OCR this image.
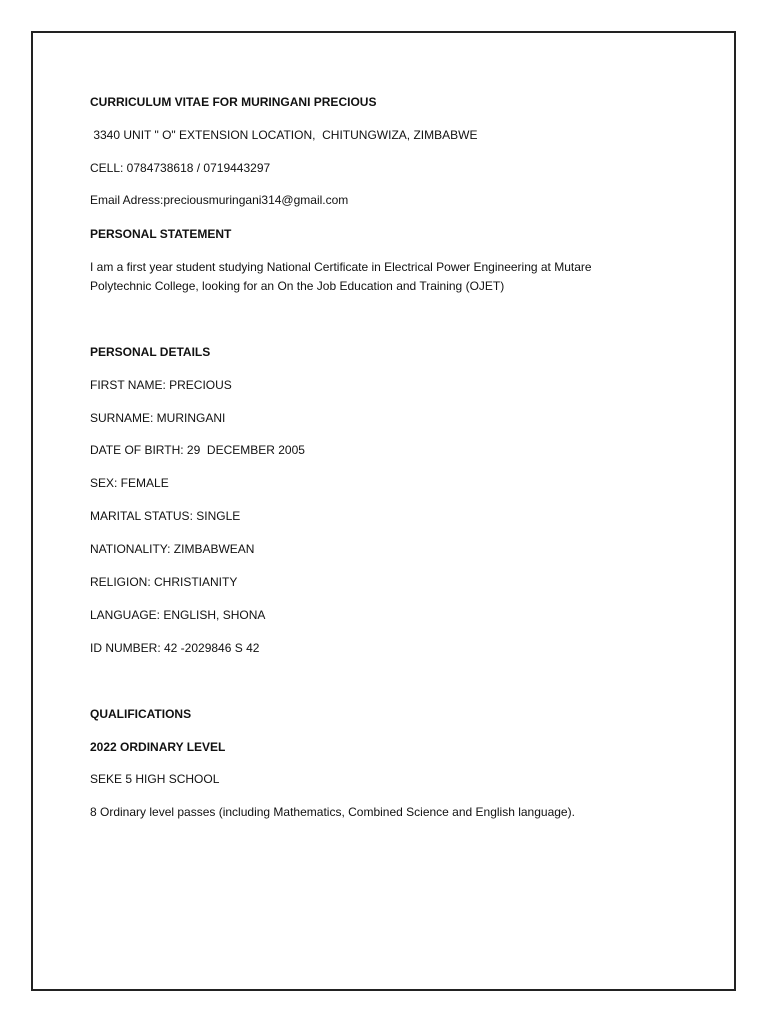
CURRICULUM VITAE FOR MURINGANI PRECIOUS
3340 UNIT " O" EXTENSION LOCATION,  CHITUNGWIZA, ZIMBABWE
CELL: 0784738618 / 0719443297
Email Adress:preciousmuringani314@gmail.com
PERSONAL STATEMENT
I am a first year student studying National Certificate in Electrical Power Engineering at Mutare Polytechnic College, looking for an On the Job Education and Training (OJET)
PERSONAL DETAILS
FIRST NAME: PRECIOUS
SURNAME: MURINGANI
DATE OF BIRTH: 29  DECEMBER 2005
SEX: FEMALE
MARITAL STATUS: SINGLE
NATIONALITY: ZIMBABWEAN
RELIGION: CHRISTIANITY
LANGUAGE: ENGLISH, SHONA
ID NUMBER: 42 -2029846 S 42
QUALIFICATIONS
2022 ORDINARY LEVEL
SEKE 5 HIGH SCHOOL
8 Ordinary level passes (including Mathematics, Combined Science and English language).
